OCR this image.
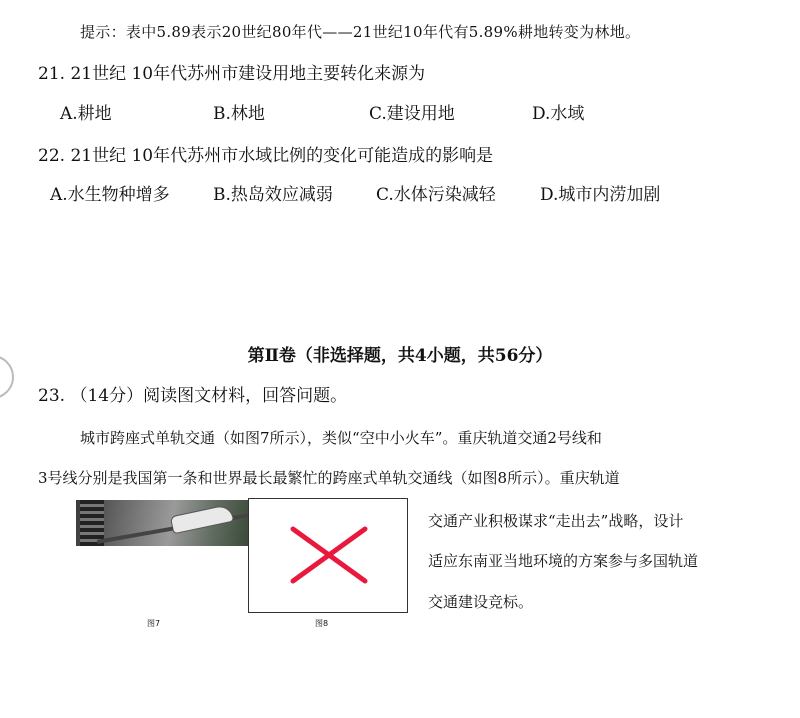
提示：表中5.89表示20世纪80年代——21世纪10年代有5.89%耕地转变为林地。
21. 21世纪 10年代苏州市建设用地主要转化来源为
A.耕地	B.林地	C.建设用地	D.水域
22. 21世纪 10年代苏州市水域比例的变化可能造成的影响是
A.水生物种增多	B.热岛效应减弱	C.水体污染减轻	D.城市内涝加剧
第Ⅱ卷（非选择题，共4小题，共56分）
23. （14分）阅读图文材料，回答问题。
城市跨座式单轨交通（如图7所示），类似“空中小火车”。重庆轨道交通2号线和
3号线分别是我国第一条和世界最长最繁忙的跨座式单轨交通线（如图8所示）。重庆轨道
交通产业积极谋求“走出去”战略，设计
适应东南亚当地环境的方案参与多国轨道
交通建设竞标。
图7	图8
